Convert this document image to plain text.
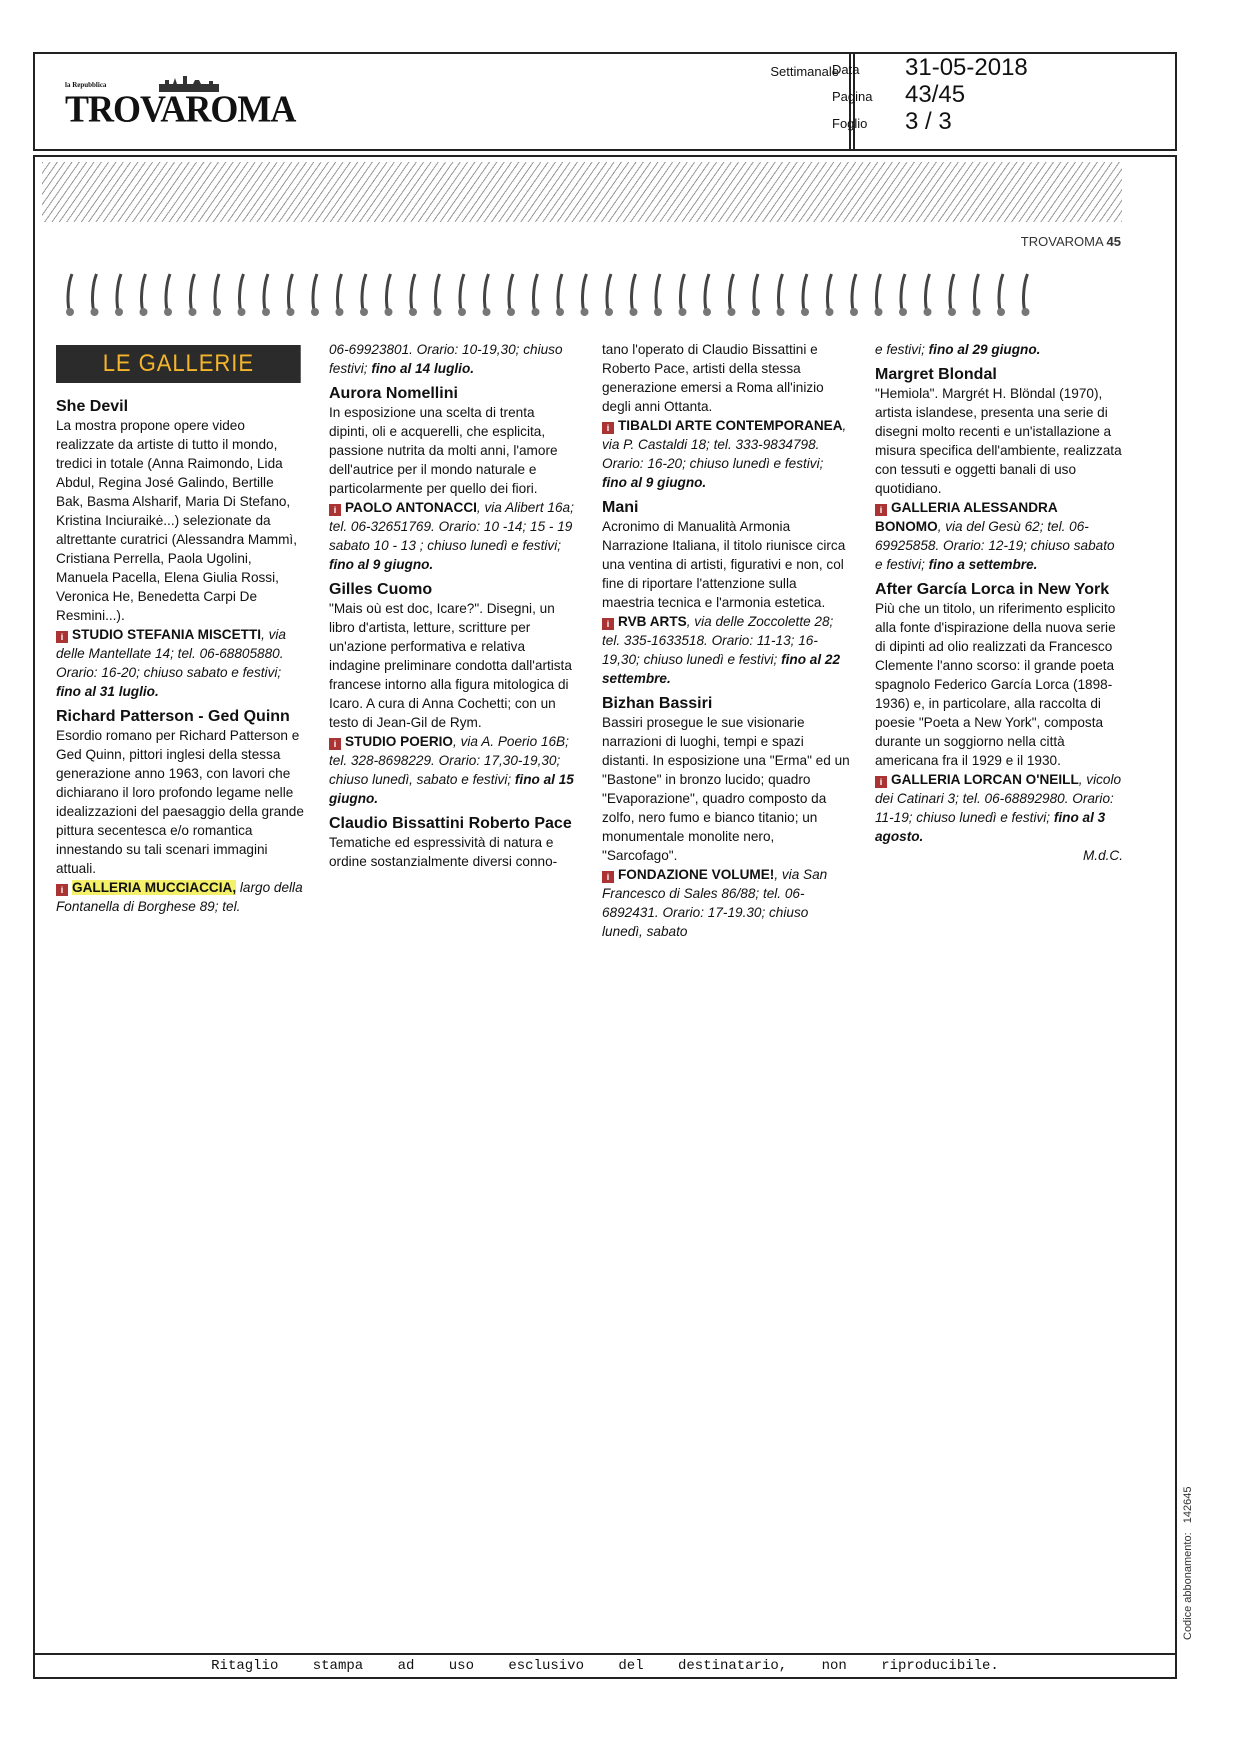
la Repubblica
TROVAROMA
Settimanale
Data 31-05-2018
Pagina 43/45
Foglio 3 / 3
TROVAROMA 45
LE GALLERIE
She Devil

La mostra propone opere video realizzate da artiste di tutto il mondo, tredici in totale (Anna Raimondo, Lida Abdul, Regina José Galindo, Bertille Bak, Basma Alsharif, Maria Di Stefano, Kristina Inciuraikė...) selezionate da altrettante curatrici (Alessandra Mammì, Cristiana Perrella, Paola Ugolini, Manuela Pacella, Elena Giulia Rossi, Veronica He, Benedetta Carpi De Resmini...).

i STUDIO STEFANIA MISCETTI, via delle Mantellate 14; tel. 06-68805880. Orario: 16-20; chiuso sabato e festivi; fino al 31 luglio.

Richard Patterson - Ged Quinn

Esordio romano per Richard Patterson e Ged Quinn, pittori inglesi della stessa generazione anno 1963, con lavori che dichiarano il loro profondo legame nelle idealizzazioni del paesaggio della grande pittura secentesca e/o romantica innestando su tali scenari immagini attuali.

i GALLERIA MUCCIACCIA, largo della Fontanella di Borghese 89; tel.

06-69923801. Orario: 10-19,30; chiuso festivi; fino al 14 luglio.

Aurora Nomellini

In esposizione una scelta di trenta dipinti, oli e acquerelli, che esplicita, passione nutrita da molti anni, l'amore dell'autrice per il mondo naturale e particolarmente per quello dei fiori.

i PAOLO ANTONACCI, via Alibert 16a; tel. 06-32651769. Orario: 10 -14; 15 - 19 sabato 10 - 13 ; chiuso lunedì e festivi; fino al 9 giugno.

Gilles Cuomo

"Mais où est doc, Icare?". Disegni, un libro d'artista, letture, scritture per un'azione performativa e relativa indagine preliminare condotta dall'artista francese intorno alla figura mitologica di Icaro. A cura di Anna Cochetti; con un testo di Jean-Gil de Rym.

i STUDIO POERIO, via A. Poerio 16B; tel. 328-8698229. Orario: 17,30-19,30; chiuso lunedì, sabato e festivi; fino al 15 giugno.

Claudio Bissattini Roberto Pace

Tematiche ed espressività di natura e ordine sostanzialmente diversi conno-

tano l'operato di Claudio Bissattini e Roberto Pace, artisti della stessa generazione emersi a Roma all'inizio degli anni Ottanta.

i TIBALDI ARTE CONTEMPORANEA, via P. Castaldi 18; tel. 333-9834798. Orario: 16-20; chiuso lunedì e festivi; fino al 9 giugno.

Mani

Acronimo di Manualità Armonia Narrazione Italiana, il titolo riunisce circa una ventina di artisti, figurativi e non, col fine di riportare l'attenzione sulla maestria tecnica e l'armonia estetica.

i RVB ARTS, via delle Zoccolette 28; tel. 335-1633518. Orario: 11-13; 16-19,30; chiuso lunedì e festivi; fino al 22 settembre.

Bizhan Bassiri

Bassiri prosegue le sue visionarie narrazioni di luoghi, tempi e spazi distanti. In esposizione una "Erma" ed un "Bastone" in bronzo lucido; quadro "Evaporazione", quadro composto da zolfo, nero fumo e bianco titanio; un monumentale monolite nero, "Sarcofago".

i FONDAZIONE VOLUME!, via San Francesco di Sales 86/88; tel. 06-6892431. Orario: 17-19.30; chiuso lunedì, sabato

e festivi; fino al 29 giugno.

Margret Blondal

"Hemiola". Margrét H. Blöndal (1970), artista islandese, presenta una serie di disegni molto recenti e un'istallazione a misura specifica dell'ambiente, realizzata con tessuti e oggetti banali di uso quotidiano.

i GALLERIA ALESSANDRA BONOMO, via del Gesù 62; tel. 06-69925858. Orario: 12-19; chiuso sabato e festivi; fino a settembre.

After García Lorca in New York

Più che un titolo, un riferimento esplicito alla fonte d'ispirazione della nuova serie di dipinti ad olio realizzati da Francesco Clemente l'anno scorso: il grande poeta spagnolo Federico García Lorca (1898-1936) e, in particolare, alla raccolta di poesie "Poeta a New York", composta durante un soggiorno nella città americana fra il 1929 e il 1930.

i GALLERIA LORCAN O'NEILL, vicolo dei Catinari 3; tel. 06-68892980. Orario: 11-19; chiuso lunedì e festivi; fino al 3 agosto.

M.d.C.

Ritaglio stampa ad uso esclusivo del destinatario, non riproducibile.
Codice abbonamento:   142645
